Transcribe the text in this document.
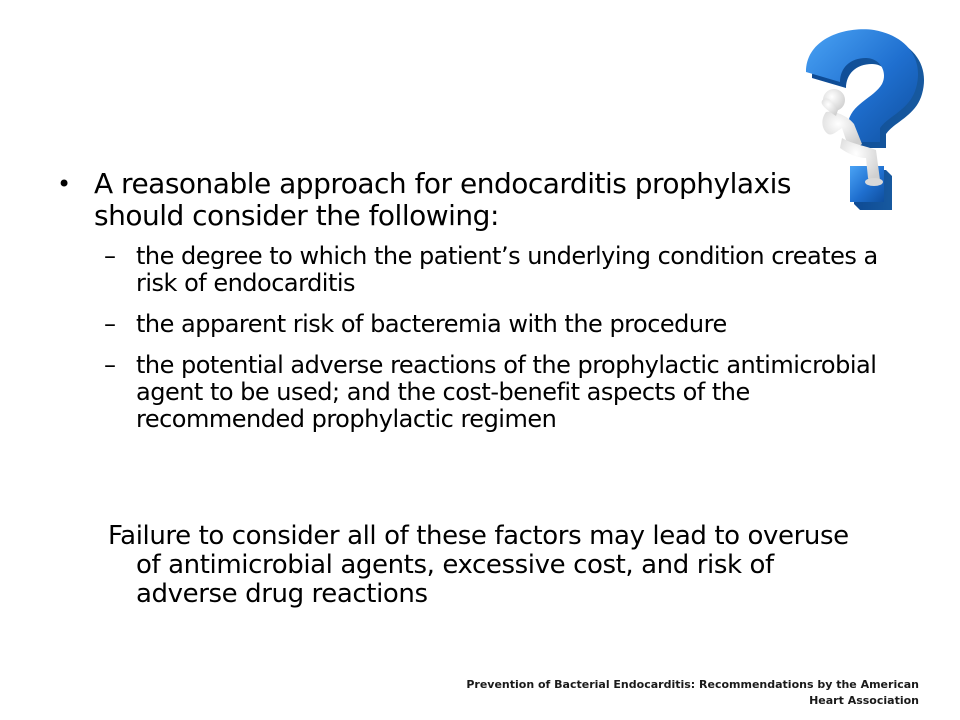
• A reasonable approach for endocarditis prophylaxis should consider the following:
– the degree to which the patient’s underlying condition creates a risk of endocarditis
– the apparent risk of bacteremia with the procedure
– the potential adverse reactions of the prophylactic antimicrobial agent to be used; and the cost-benefit aspects of the recommended prophylactic regimen
Failure to consider all of these factors may lead to overuse of antimicrobial agents, excessive cost, and risk of adverse drug reactions
Prevention of Bacterial Endocarditis: Recommendations by the American Heart Association
